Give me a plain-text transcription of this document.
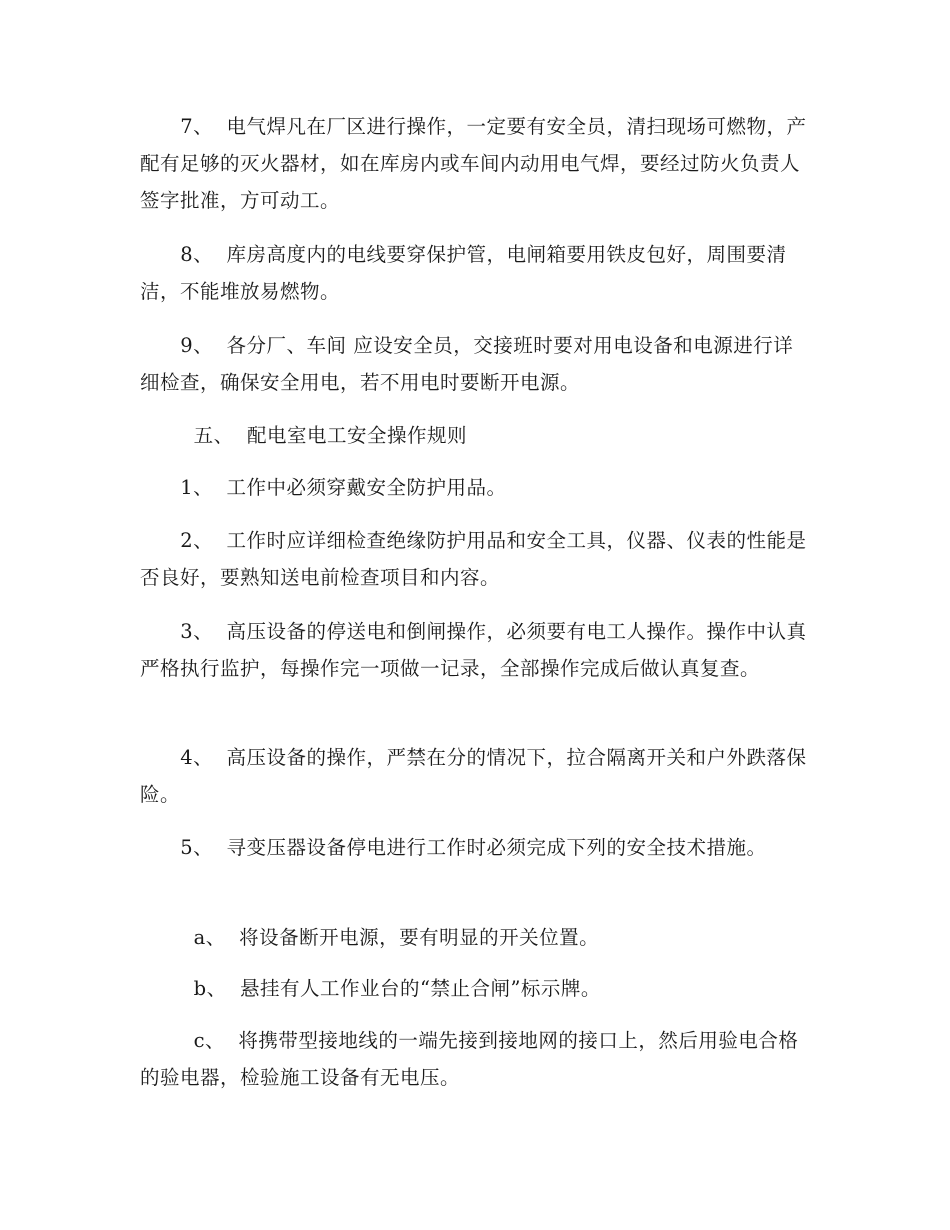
7、  电气焊凡在厂区进行操作，一定要有安全员，清扫现场可燃物，产配有足够的灭火器材，如在库房内或车间内动用电气焊，要经过防火负责人签字批准，方可动工。

8、  库房高度内的电线要穿保护管，电闸箱要用铁皮包好，周围要清洁，不能堆放易燃物。

9、  各分厂、车间 应设安全员，交接班时要对用电设备和电源进行详细检查，确保安全用电，若不用电时要断开电源。

五、  配电室电工安全操作规则

1、  工作中必须穿戴安全防护用品。

2、  工作时应详细检查绝缘防护用品和安全工具，仪器、仪表的性能是否良好，要熟知送电前检查项目和内容。

3、  高压设备的停送电和倒闸操作，必须要有电工人操作。操作中认真严格执行监护，每操作完一项做一记录，全部操作完成后做认真复查。

4、  高压设备的操作，严禁在分的情况下，拉合隔离开关和户外跌落保险。

5、  寻变压器设备停电进行工作时必须完成下列的安全技术措施。

a、  将设备断开电源，要有明显的开关位置。

b、  悬挂有人工作业台的“禁止合闸”标示牌。

c、  将携带型接地线的一端先接到接地网的接口上，然后用验电合格的验电器，检验施工设备有无电压。
